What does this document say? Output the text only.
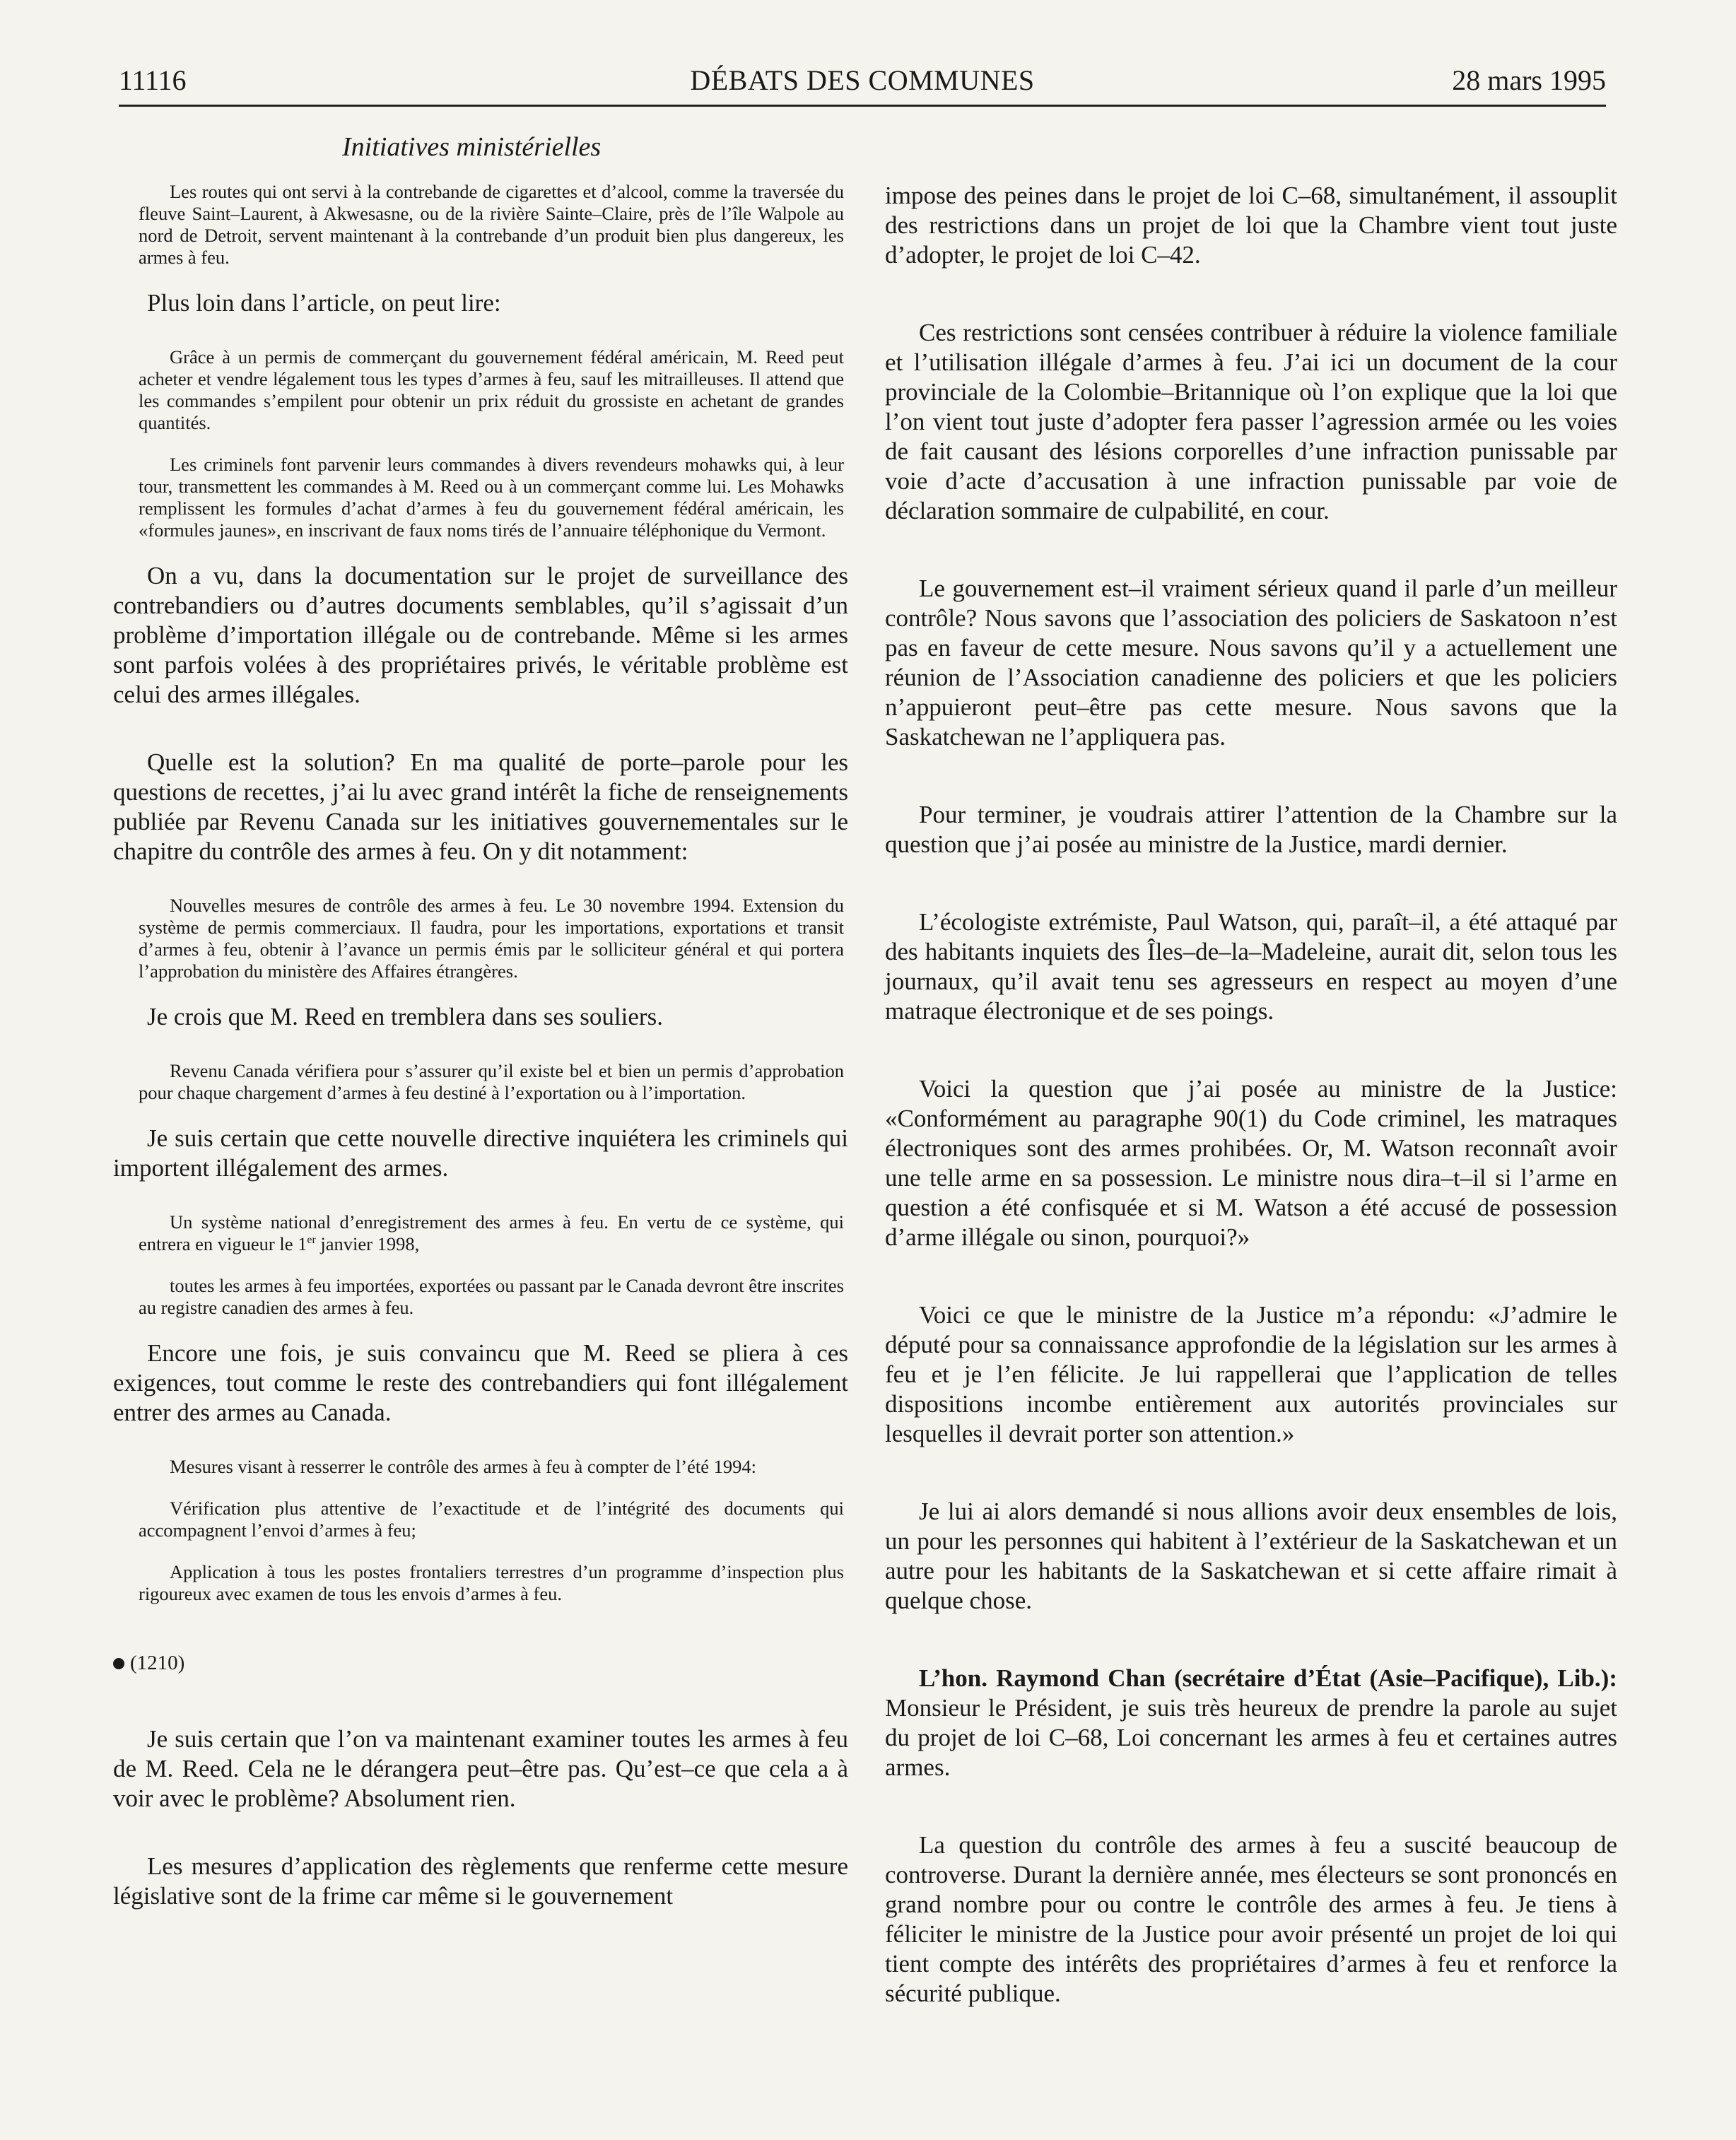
11116	DÉBATS DES COMMUNES	28 mars 1995
Initiatives ministérielles

Les routes qui ont servi à la contrebande de cigarettes et d’alcool, comme la traversée du fleuve Saint–Laurent, à Akwesasne, ou de la rivière Sainte–Claire, près de l’île Walpole au nord de Detroit, servent maintenant à la contrebande d’un produit bien plus dangereux, les armes à feu.

Plus loin dans l’article, on peut lire:

Grâce à un permis de commerçant du gouvernement fédéral américain, M. Reed peut acheter et vendre légalement tous les types d’armes à feu, sauf les mitrailleuses. Il attend que les commandes s’empilent pour obtenir un prix réduit du grossiste en achetant de grandes quantités.

Les criminels font parvenir leurs commandes à divers revendeurs mohawks qui, à leur tour, transmettent les commandes à M. Reed ou à un commerçant comme lui. Les Mohawks remplissent les formules d’achat d’armes à feu du gouvernement fédéral américain, les «formules jaunes», en inscrivant de faux noms tirés de l’annuaire téléphonique du Vermont.

On a vu, dans la documentation sur le projet de surveillance des contrebandiers ou d’autres documents semblables, qu’il s’agissait d’un problème d’importation illégale ou de contrebande. Même si les armes sont parfois volées à des propriétaires privés, le véritable problème est celui des armes illégales.

Quelle est la solution? En ma qualité de porte–parole pour les questions de recettes, j’ai lu avec grand intérêt la fiche de renseignements publiée par Revenu Canada sur les initiatives gouvernementales sur le chapitre du contrôle des armes à feu. On y dit notamment:

Nouvelles mesures de contrôle des armes à feu. Le 30 novembre 1994. Extension du système de permis commerciaux. Il faudra, pour les importations, exportations et transit d’armes à feu, obtenir à l’avance un permis émis par le solliciteur général et qui portera l’approbation du ministère des Affaires étrangères.

Je crois que M. Reed en tremblera dans ses souliers.

Revenu Canada vérifiera pour s’assurer qu’il existe bel et bien un permis d’approbation pour chaque chargement d’armes à feu destiné à l’exportation ou à l’importation.

Je suis certain que cette nouvelle directive inquiétera les criminels qui importent illégalement des armes.

Un système national d’enregistrement des armes à feu. En vertu de ce système, qui entrera en vigueur le 1er janvier 1998,

toutes les armes à feu importées, exportées ou passant par le Canada devront être inscrites au registre canadien des armes à feu.

Encore une fois, je suis convaincu que M. Reed se pliera à ces exigences, tout comme le reste des contrebandiers qui font illégalement entrer des armes au Canada.

Mesures visant à resserrer le contrôle des armes à feu à compter de l’été 1994:

Vérification plus attentive de l’exactitude et de l’intégrité des documents qui accompagnent l’envoi d’armes à feu;

Application à tous les postes frontaliers terrestres d’un programme d’inspection plus rigoureux avec examen de tous les envois d’armes à feu.

(1210)

Je suis certain que l’on va maintenant examiner toutes les armes à feu de M. Reed. Cela ne le dérangera peut–être pas. Qu’est–ce que cela a à voir avec le problème? Absolument rien.

Les mesures d’application des règlements que renferme cette mesure législative sont de la frime car même si le gouvernement

impose des peines dans le projet de loi C–68, simultanément, il assouplit des restrictions dans un projet de loi que la Chambre vient tout juste d’adopter, le projet de loi C–42.

Ces restrictions sont censées contribuer à réduire la violence familiale et l’utilisation illégale d’armes à feu. J’ai ici un document de la cour provinciale de la Colombie–Britannique où l’on explique que la loi que l’on vient tout juste d’adopter fera passer l’agression armée ou les voies de fait causant des lésions corporelles d’une infraction punissable par voie d’acte d’accusation à une infraction punissable par voie de déclaration sommaire de culpabilité, en cour.

Le gouvernement est–il vraiment sérieux quand il parle d’un meilleur contrôle? Nous savons que l’association des policiers de Saskatoon n’est pas en faveur de cette mesure. Nous savons qu’il y a actuellement une réunion de l’Association canadienne des policiers et que les policiers n’appuieront peut–être pas cette mesure. Nous savons que la Saskatchewan ne l’appliquera pas.

Pour terminer, je voudrais attirer l’attention de la Chambre sur la question que j’ai posée au ministre de la Justice, mardi dernier.

L’écologiste extrémiste, Paul Watson, qui, paraît–il, a été attaqué par des habitants inquiets des Îles–de–la–Madeleine, aurait dit, selon tous les journaux, qu’il avait tenu ses agresseurs en respect au moyen d’une matraque électronique et de ses poings.

Voici la question que j’ai posée au ministre de la Justice: «Conformément au paragraphe 90(1) du Code criminel, les matraques électroniques sont des armes prohibées. Or, M. Watson reconnaît avoir une telle arme en sa possession. Le ministre nous dira–t–il si l’arme en question a été confisquée et si M. Watson a été accusé de possession d’arme illégale ou sinon, pourquoi?»

Voici ce que le ministre de la Justice m’a répondu: «J’admire le député pour sa connaissance approfondie de la législation sur les armes à feu et je l’en félicite. Je lui rappellerai que l’application de telles dispositions incombe entièrement aux autorités provinciales sur lesquelles il devrait porter son attention.»

Je lui ai alors demandé si nous allions avoir deux ensembles de lois, un pour les personnes qui habitent à l’extérieur de la Saskatchewan et un autre pour les habitants de la Saskatchewan et si cette affaire rimait à quelque chose.

L’hon. Raymond Chan (secrétaire d’État (Asie–Pacifique), Lib.): Monsieur le Président, je suis très heureux de prendre la parole au sujet du projet de loi C–68, Loi concernant les armes à feu et certaines autres armes.

La question du contrôle des armes à feu a suscité beaucoup de controverse. Durant la dernière année, mes électeurs se sont prononcés en grand nombre pour ou contre le contrôle des armes à feu. Je tiens à féliciter le ministre de la Justice pour avoir présenté un projet de loi qui tient compte des intérêts des propriétaires d’armes à feu et renforce la sécurité publique.
